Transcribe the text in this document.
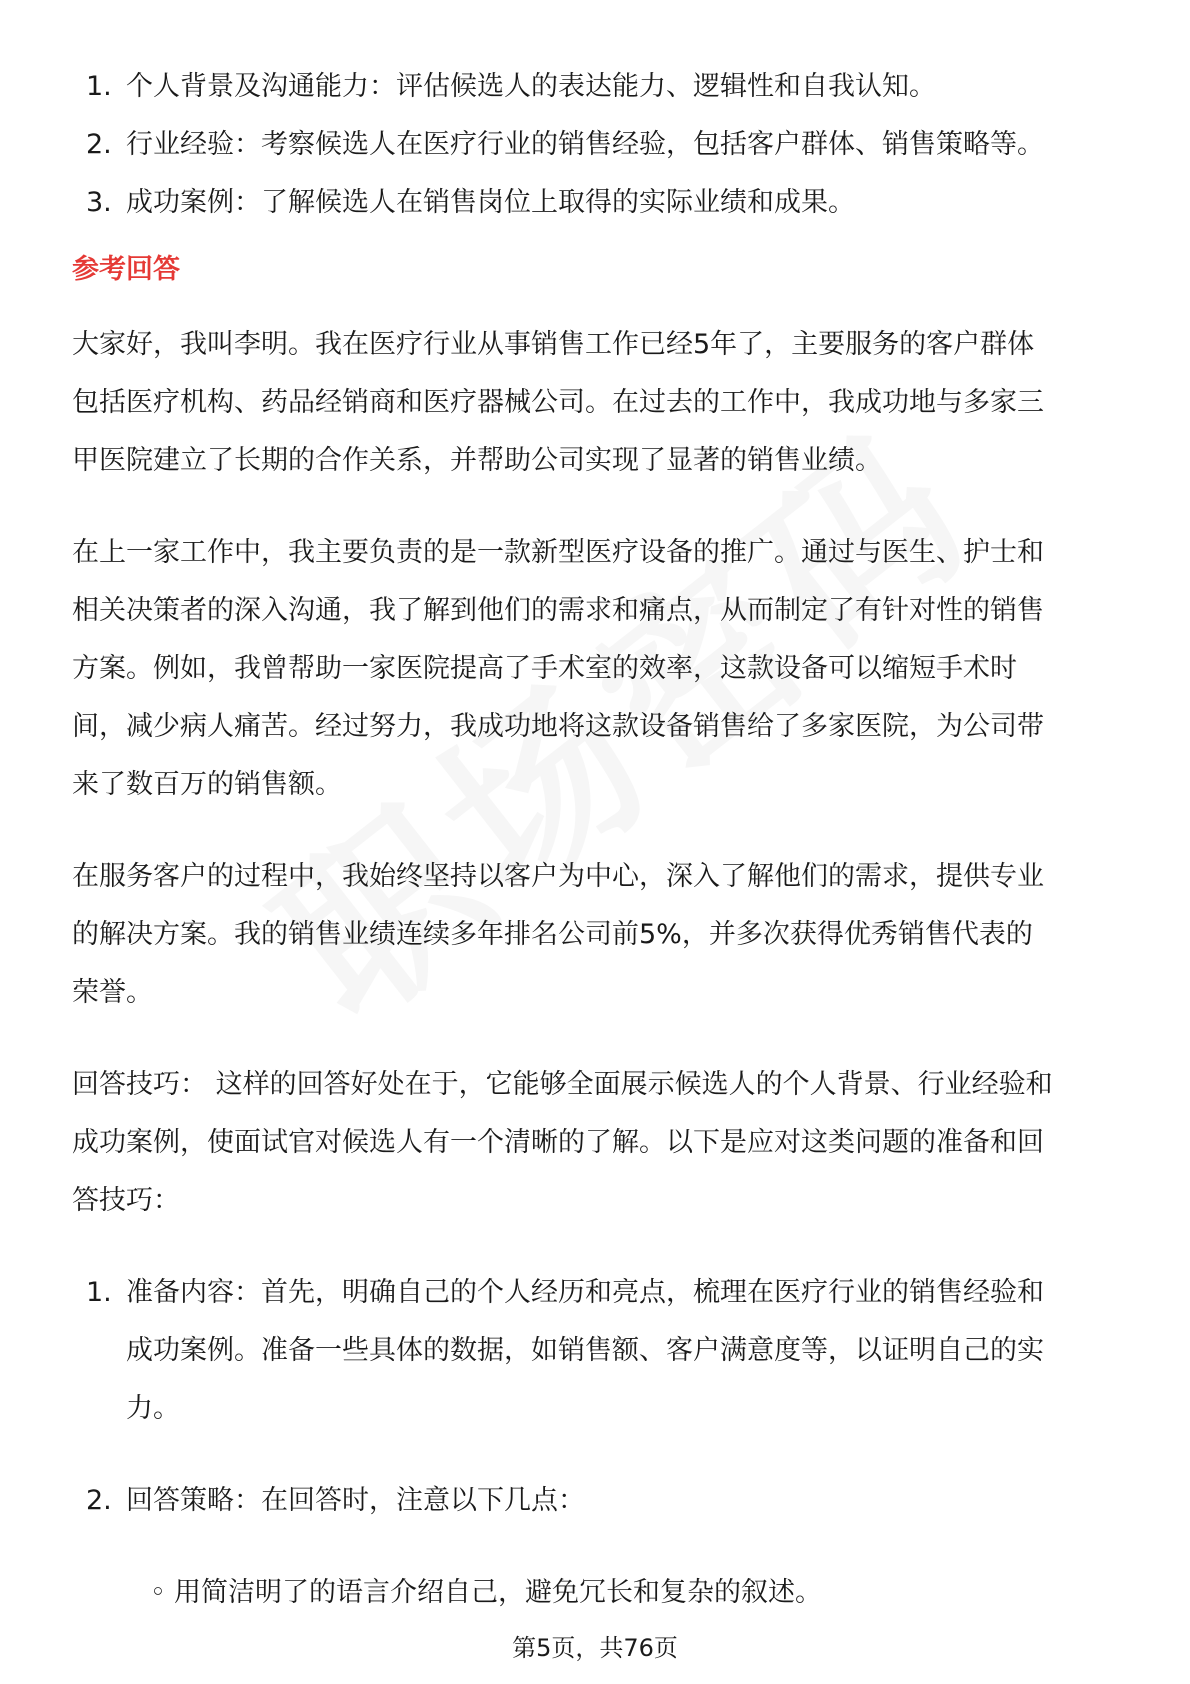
1. 个人背景及沟通能力：评估候选人的表达能力、逻辑性和自我认知。
2. 行业经验：考察候选人在医疗行业的销售经验，包括客户群体、销售策略等。
3. 成功案例：了解候选人在销售岗位上取得的实际业绩和成果。
参考回答
大家好，我叫李明。我在医疗行业从事销售工作已经5年了，主要服务的客户群体
包括医疗机构、药品经销商和医疗器械公司。在过去的工作中，我成功地与多家三
甲医院建立了长期的合作关系，并帮助公司实现了显著的销售业绩。
在上一家工作中，我主要负责的是一款新型医疗设备的推广。通过与医生、护士和
相关决策者的深入沟通，我了解到他们的需求和痛点，从而制定了有针对性的销售
方案。例如，我曾帮助一家医院提高了手术室的效率，这款设备可以缩短手术时
间，减少病人痛苦。经过努力，我成功地将这款设备销售给了多家医院，为公司带
来了数百万的销售额。
在服务客户的过程中，我始终坚持以客户为中心，深入了解他们的需求，提供专业
的解决方案。我的销售业绩连续多年排名公司前5%，并多次获得优秀销售代表的
荣誉。
回答技巧： 这样的回答好处在于，它能够全面展示候选人的个人背景、行业经验和
成功案例，使面试官对候选人有一个清晰的了解。以下是应对这类问题的准备和回
答技巧：
1. 准备内容：首先，明确自己的个人经历和亮点，梳理在医疗行业的销售经验和
成功案例。准备一些具体的数据，如销售额、客户满意度等，以证明自己的实
力。
2. 回答策略：在回答时，注意以下几点：
◦ 用简洁明了的语言介绍自己，避免冗长和复杂的叙述。
第5页，共76页
